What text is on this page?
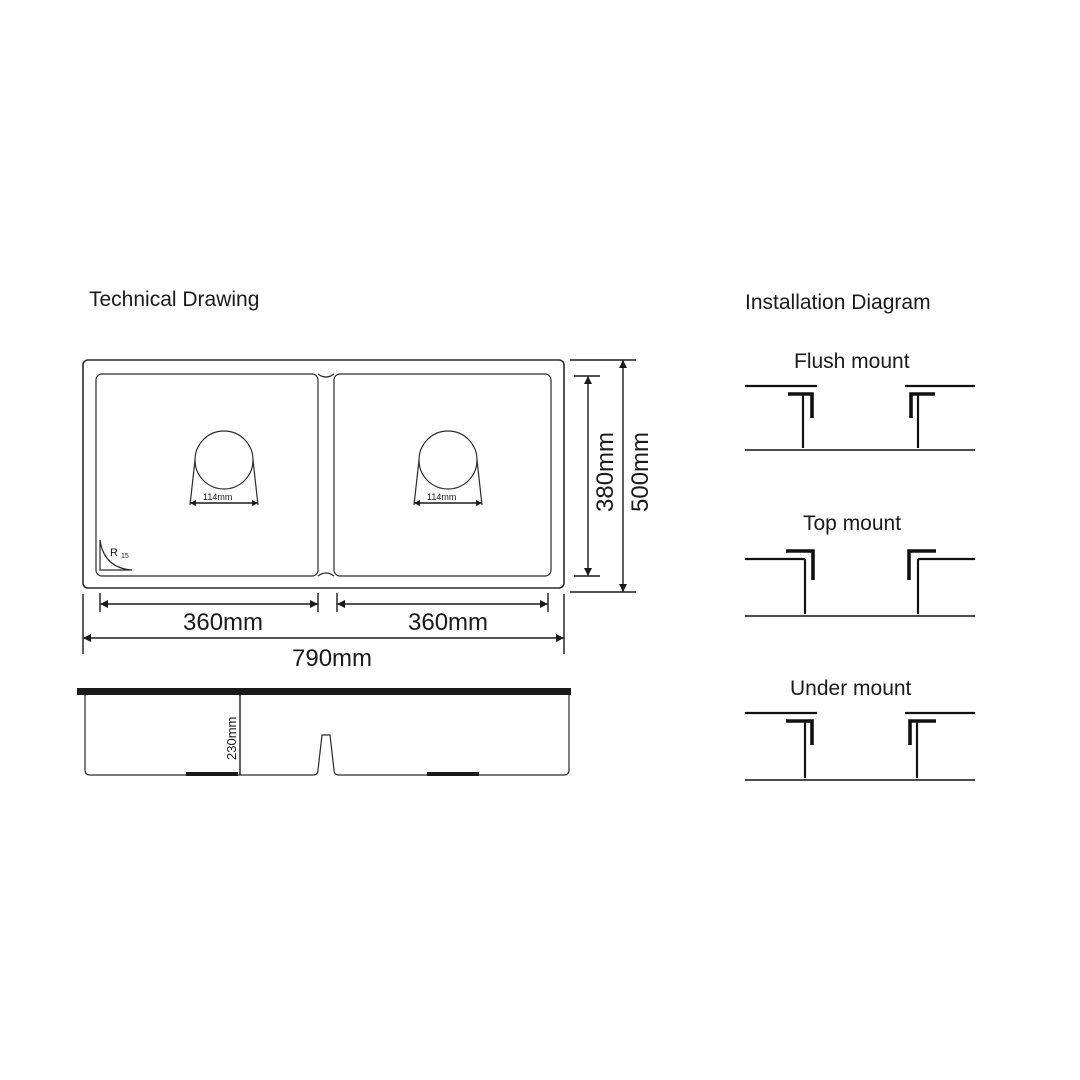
Technical Drawing
R 15
114mm	114mm
360mm	360mm
790mm
380mm 500mm
230mm
Installation Diagram
Flush mount
Top mount
Under mount
